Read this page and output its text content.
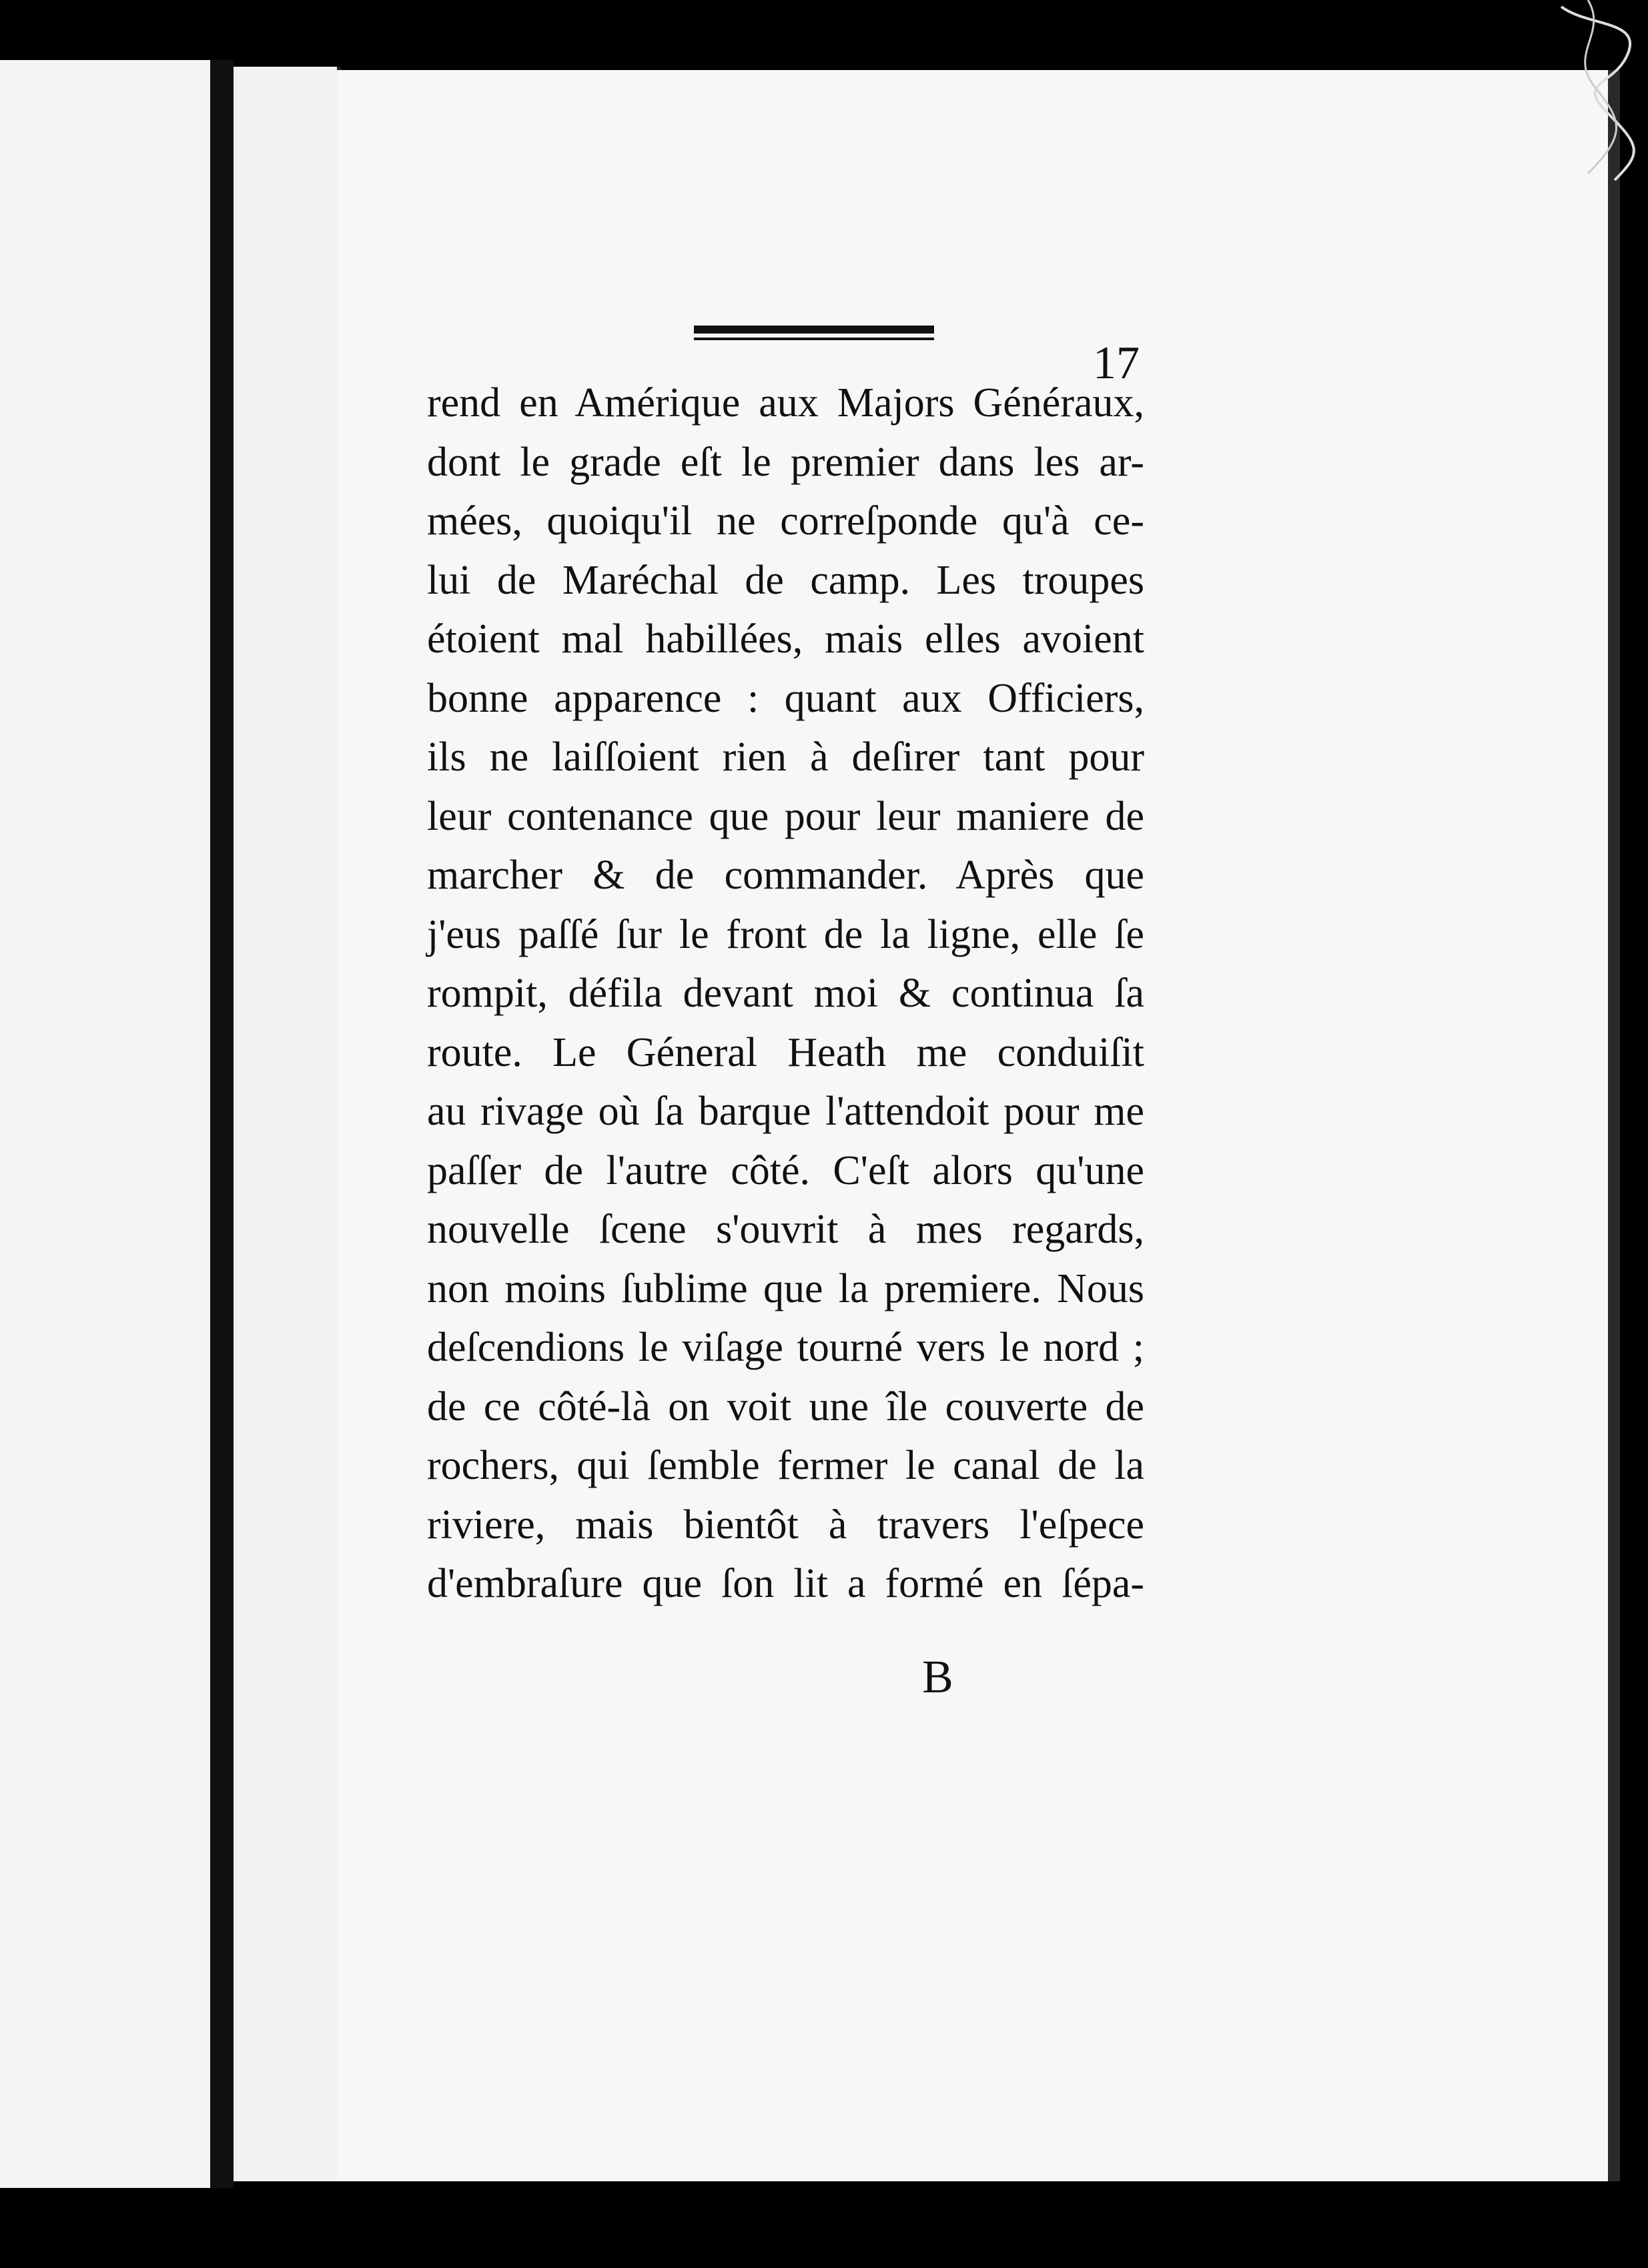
17
rend en Amérique aux Majors Généraux,
dont le grade eſt le premier dans les ar-
mées, quoiqu'il ne correſponde qu'à ce-
lui de Maréchal de camp. Les troupes
étoient mal habillées, mais elles avoient
bonne apparence : quant aux Officiers,
ils ne laiſſoient rien à deſirer tant pour
leur contenance que pour leur maniere de
marcher & de commander. Après que
j'eus paſſé ſur le front de la ligne, elle ſe
rompit, défila devant moi & continua ſa
route. Le Géneral Heath me conduiſit
au rivage où ſa barque l'attendoit pour me
paſſer de l'autre côté. C'eſt alors qu'une
nouvelle ſcene s'ouvrit à mes regards,
non moins ſublime que la premiere. Nous
deſcendions le viſage tourné vers le nord ;
de ce côté-là on voit une île couverte de
rochers, qui ſemble fermer le canal de la
riviere, mais bientôt à travers l'eſpece
d'embraſure que ſon lit a formé en ſépa-
B
